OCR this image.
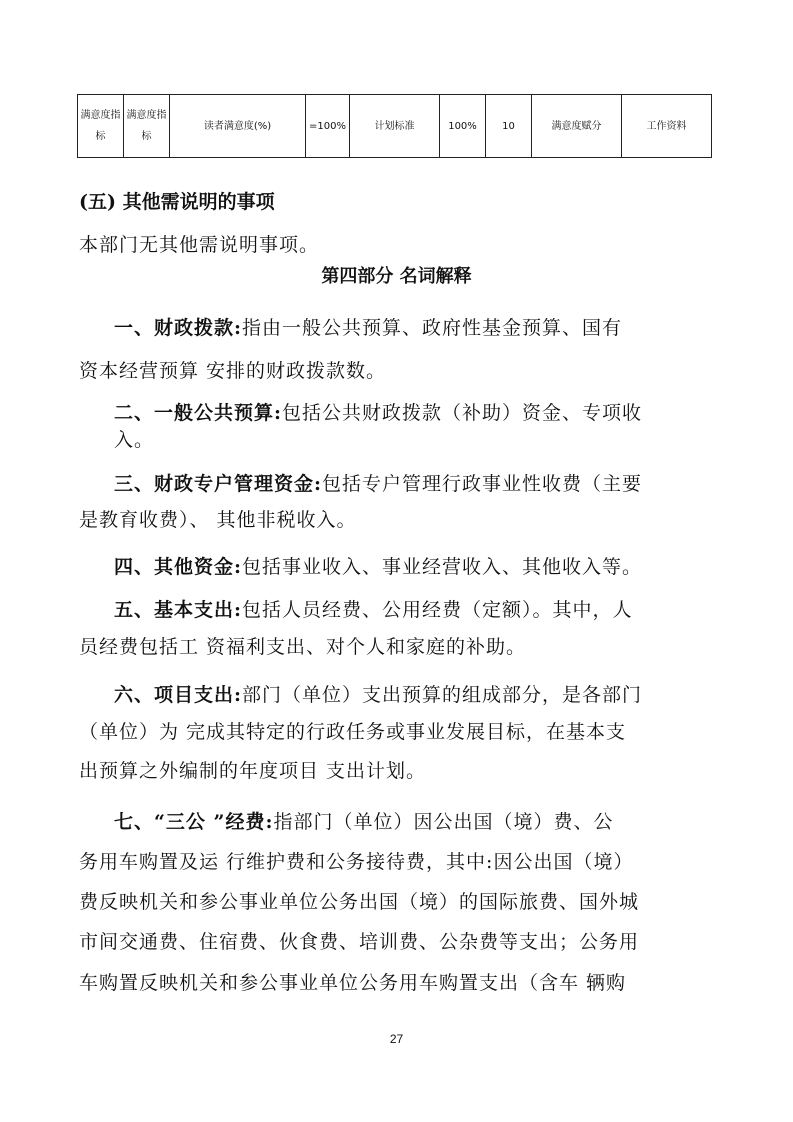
满意度指标	满意度指标	读者满意度(%)	=100%	计划标准	100%	10	满意度赋分	工作资料

(五) 其他需说明的事项

本部门无其他需说明事项。

第四部分 名词解释

一、财政拨款:指由一般公共预算、政府性基金预算、国有

资本经营预算 安排的财政拨款数。

二、一般公共预算:包括公共财政拨款（补助）资金、专项收

入。

三、财政专户管理资金:包括专户管理行政事业性收费（主要

是教育收费）、 其他非税收入。

四、其他资金:包括事业收入、事业经营收入、其他收入等。

五、基本支出:包括人员经费、公用经费（定额）。其中，人

员经费包括工 资福利支出、对个人和家庭的补助。

六、项目支出:部门（单位）支出预算的组成部分，是各部门

（单位）为 完成其特定的行政任务或事业发展目标，在基本支

出预算之外编制的年度项目 支出计划。

七、“三公 ”经费:指部门（单位）因公出国（境）费、公

务用车购置及运 行维护费和公务接待费，其中:因公出国（境）

费反映机关和参公事业单位公务出国（境）的国际旅费、国外城

市间交通费、住宿费、伙食费、培训费、公杂费等支出；公务用

车购置反映机关和参公事业单位公务用车购置支出（含车 辆购

27
